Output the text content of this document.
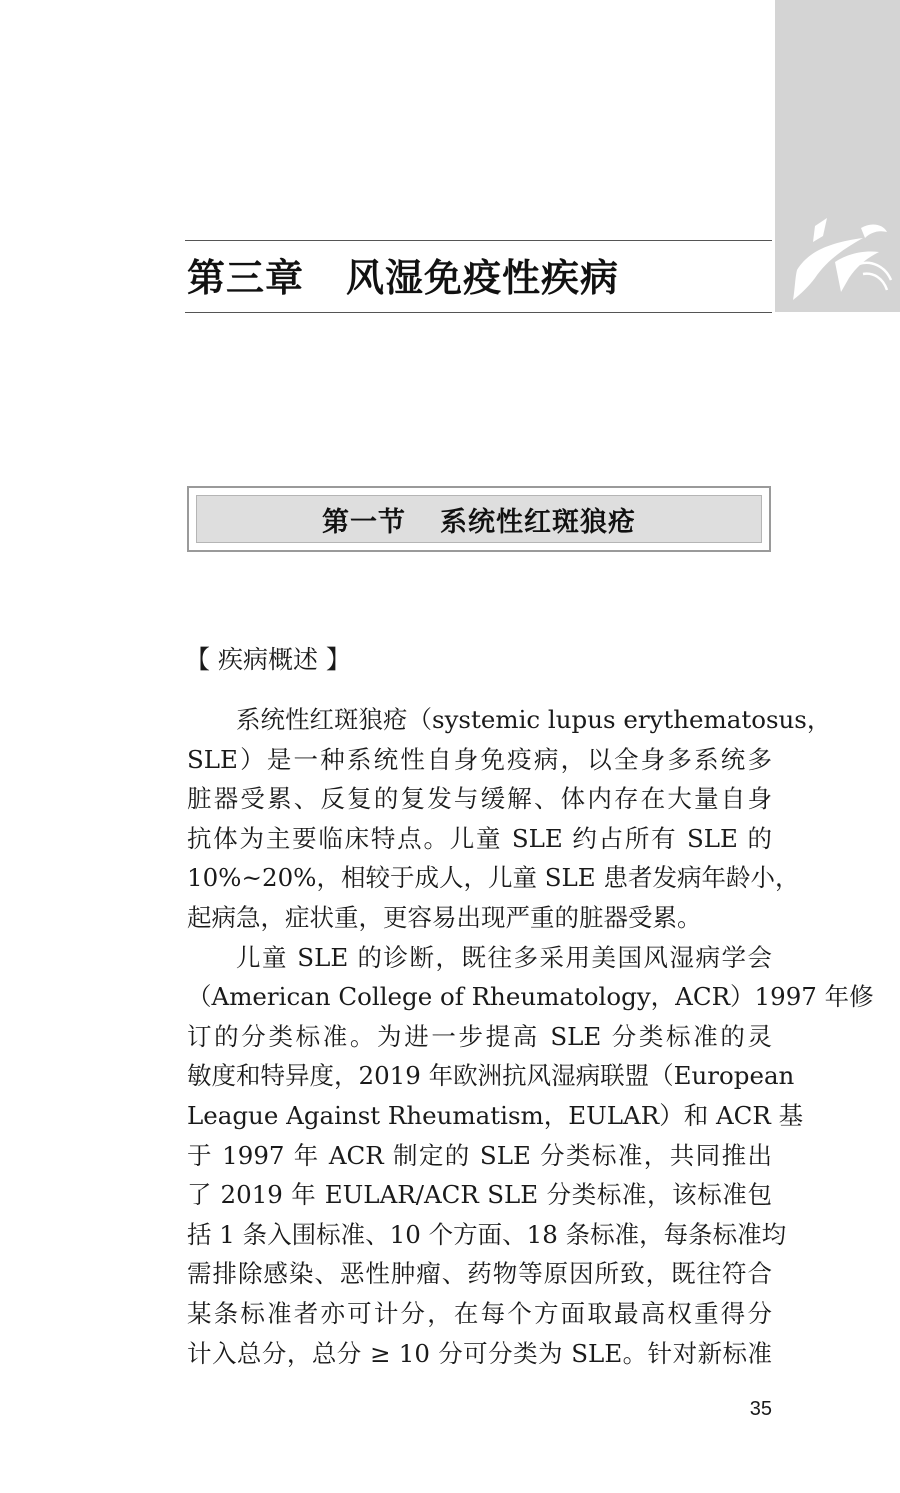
第三章 风湿免疫性疾病
第一节 系统性红斑狼疮
【 疾病概述 】
系统性红斑狼疮（systemic lupus erythematosus，
SLE）是一种系统性自身免疫病，以全身多系统多
脏器受累、反复的复发与缓解、体内存在大量自身
抗体为主要临床特点。儿童 SLE 约占所有 SLE 的
10%~20%，相较于成人，儿童 SLE 患者发病年龄小，
起病急，症状重，更容易出现严重的脏器受累。
儿童 SLE 的诊断，既往多采用美国风湿病学会
（American College of Rheumatology，ACR）1997 年修
订的分类标准。为进一步提高 SLE 分类标准的灵
敏度和特异度，2019 年欧洲抗风湿病联盟（European
League Against Rheumatism，EULAR）和 ACR 基
于 1997 年 ACR 制定的 SLE 分类标准，共同推出
了 2019 年 EULAR/ACR SLE 分类标准，该标准包
括 1 条入围标准、10 个方面、18 条标准，每条标准均
需排除感染、恶性肿瘤、药物等原因所致，既往符合
某条标准者亦可计分，在每个方面取最高权重得分
计入总分，总分 ≥ 10 分可分类为 SLE。针对新标准
35
